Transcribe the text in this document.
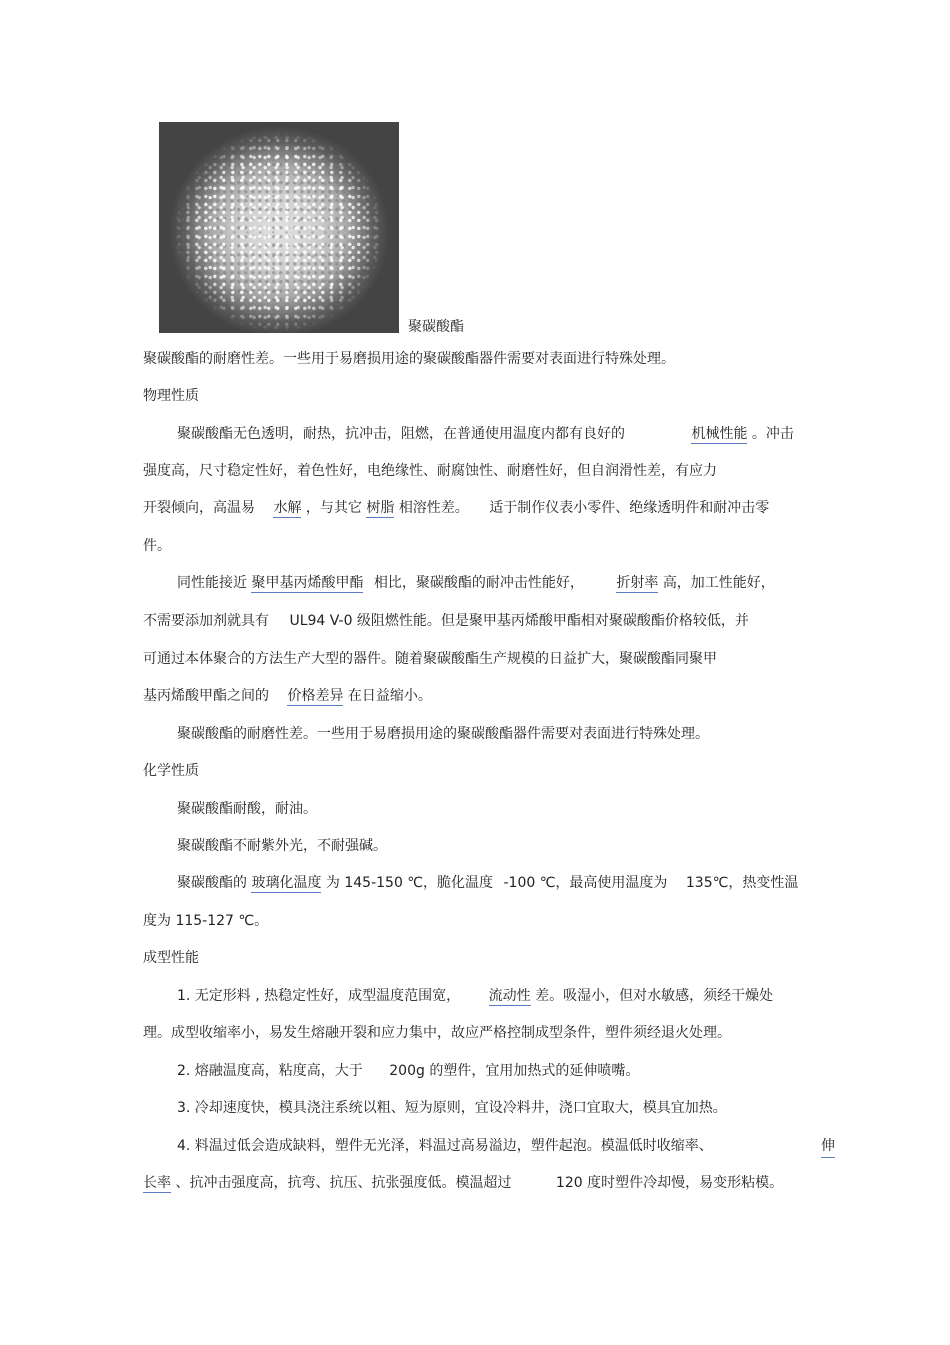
聚碳酸酯
聚碳酸酯的耐磨性差。一些用于易磨损用途的聚碳酸酯器件需要对表面进行特殊处理。
物理性质
聚碳酸酯无色透明，耐热，抗冲击，阻燃，在普通使用温度内都有良好的	机械性能 。冲击
强度高，尺寸稳定性好，着色性好，电绝缘性、耐腐蚀性、耐磨性好，但自润滑性差，有应力
开裂倾向，高温易 水解 ，与其它 树脂 相溶性差。 适于制作仪表小零件、绝缘透明件和耐冲击零
件。
同性能接近 聚甲基丙烯酸甲酯 相比，聚碳酸酯的耐冲击性能好， 折射率 高，加工性能好，
不需要添加剂就具有 UL94 V-0 级阻燃性能。但是聚甲基丙烯酸甲酯相对聚碳酸酯价格较低，并
可通过本体聚合的方法生产大型的器件。随着聚碳酸酯生产规模的日益扩大，聚碳酸酯同聚甲
基丙烯酸甲酯之间的 价格差异 在日益缩小。
聚碳酸酯的耐磨性差。一些用于易磨损用途的聚碳酸酯器件需要对表面进行特殊处理。
化学性质
聚碳酸酯耐酸，耐油。
聚碳酸酯不耐紫外光，不耐强碱。
聚碳酸酯的 玻璃化温度 为 145-150 ℃，脆化温度 -100 ℃，最高使用温度为 135℃，热变性温
度为 115-127 ℃。
成型性能
1. 无定形料 , 热稳定性好，成型温度范围宽， 流动性 差。吸湿小，但对水敏感，须经干燥处
理。成型收缩率小，易发生熔融开裂和应力集中，故应严格控制成型条件，塑件须经退火处理。
2. 熔融温度高，粘度高，大于 200g 的塑件，宜用加热式的延伸喷嘴。
3. 冷却速度快，模具浇注系统以粗、短为原则，宜设冷料井，浇口宜取大，模具宜加热。
4. 料温过低会造成缺料，塑件无光泽，料温过高易溢边，塑件起泡。模温低时收缩率、	伸
长率 、抗冲击强度高，抗弯、抗压、抗张强度低。模温超过	120 度时塑件冷却慢，易变形粘模。
